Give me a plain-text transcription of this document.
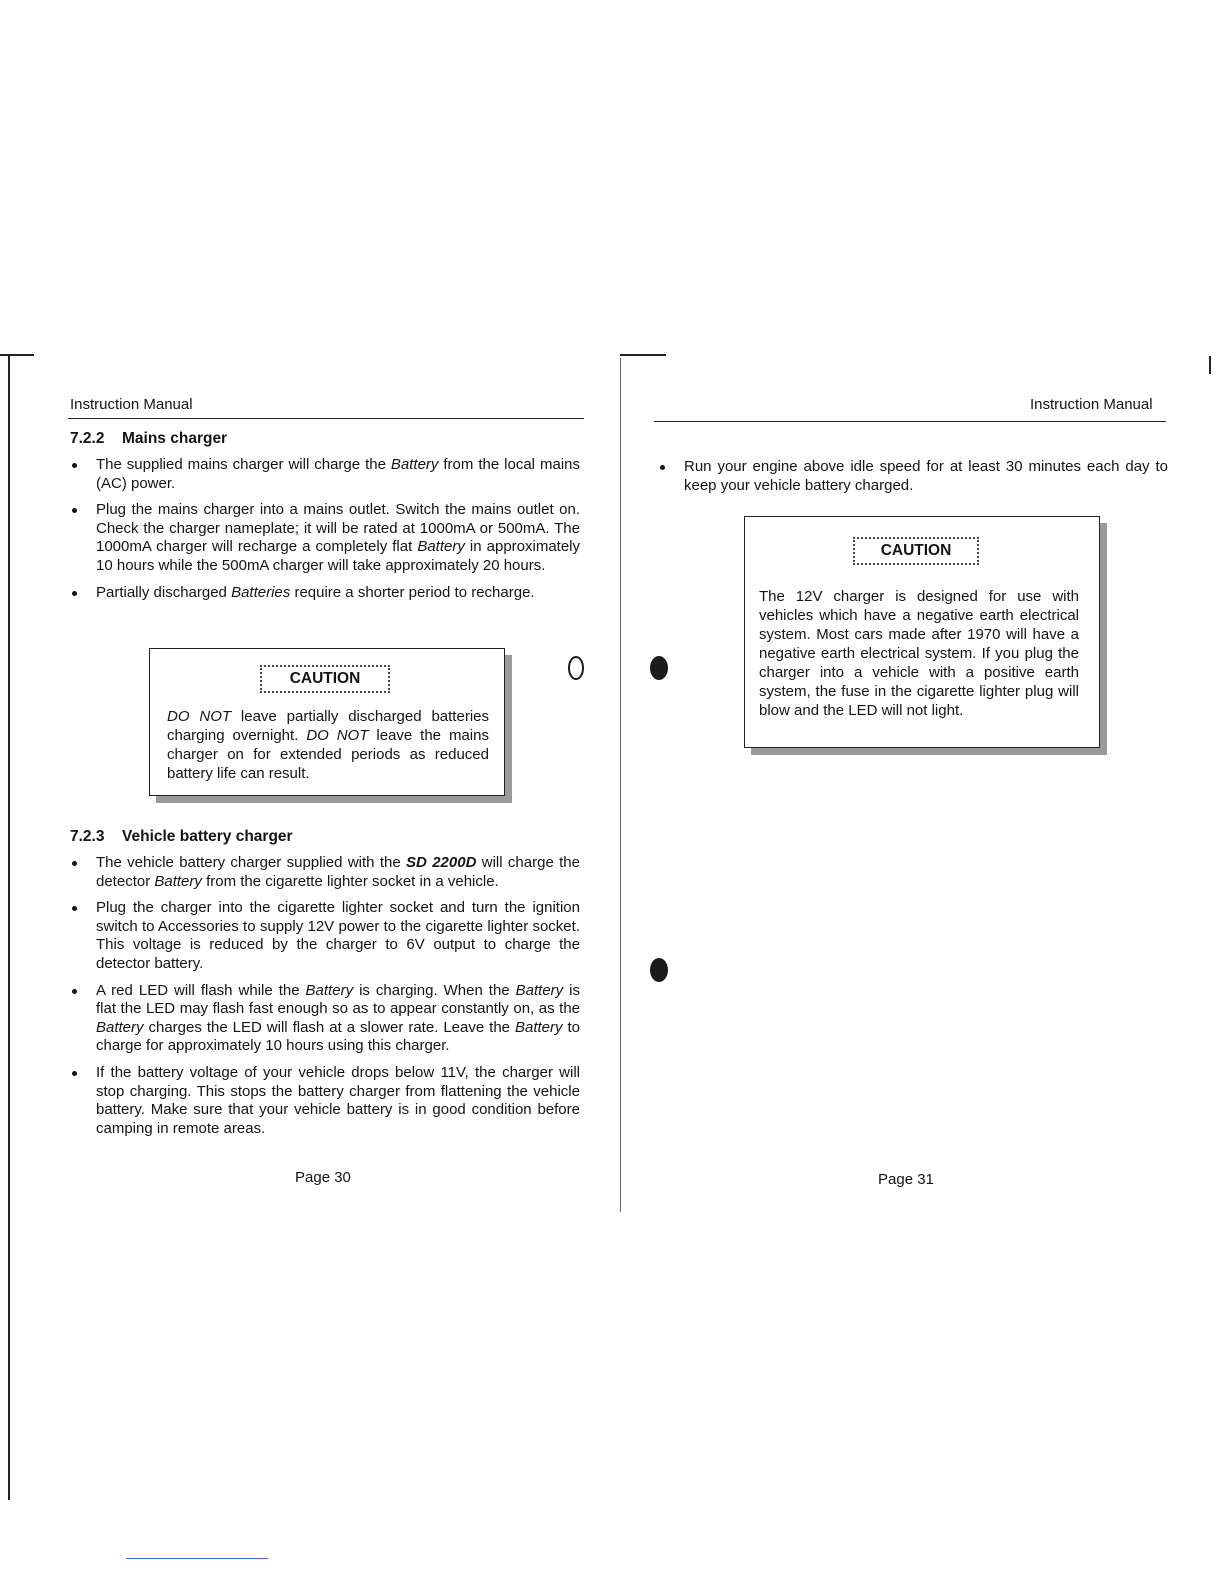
Instruction Manual
7.2.2 Mains charger
The supplied mains charger will charge the Battery from the local mains (AC) power.
Plug the mains charger into a mains outlet. Switch the mains outlet on. Check the charger nameplate; it will be rated at 1000mA or 500mA. The 1000mA charger will recharge a completely flat Battery in approximately 10 hours while the 500mA charger will take approximately 20 hours.
Partially discharged Batteries require a shorter period to recharge.
CAUTION
DO NOT leave partially discharged batteries charging overnight. DO NOT leave the mains charger on for extended periods as reduced battery life can result.
7.2.3 Vehicle battery charger
The vehicle battery charger supplied with the SD 2200D will charge the detector Battery from the cigarette lighter socket in a vehicle.
Plug the charger into the cigarette lighter socket and turn the ignition switch to Accessories to supply 12V power to the cigarette lighter socket. This voltage is reduced by the charger to 6V output to charge the detector battery.
A red LED will flash while the Battery is charging. When the Battery is flat the LED may flash fast enough so as to appear constantly on, as the Battery charges the LED will flash at a slower rate. Leave the Battery to charge for approximately 10 hours using this charger.
If the battery voltage of your vehicle drops below 11V, the charger will stop charging. This stops the battery charger from flattening the vehicle battery. Make sure that your vehicle battery is in good condition before camping in remote areas.
Page 30
Instruction Manual
Run your engine above idle speed for at least 30 minutes each day to keep your vehicle battery charged.
CAUTION
The 12V charger is designed for use with vehicles which have a negative earth electrical system. Most cars made after 1970 will have a negative earth electrical system. If you plug the charger into a vehicle with a positive earth system, the fuse in the cigarette lighter plug will blow and the LED will not light.
Page 31
